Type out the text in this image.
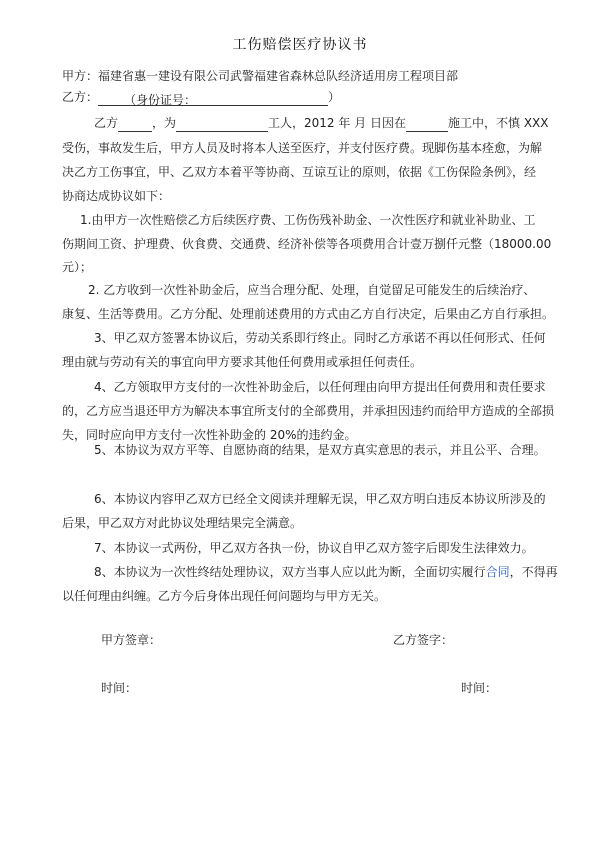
工伤赔偿医疗协议书
甲方：福建省惠一建设有限公司武警福建省森林总队经济适用房工程项目部
乙方： （身份证号：	）
乙方	，为	工人，2012 年 月 日因在	施工中，不慎 XXX
受伤，事故发生后，甲方人员及时将本人送至医疗，并支付医疗费。现脚伤基本痊愈，为解
决乙方工伤事宜，甲、乙双方本着平等协商、互谅互让的原则，依据《工伤保险条例》，经
协商达成协议如下：
1.由甲方一次性赔偿乙方后续医疗费、工伤伤残补助金、一次性医疗和就业补助业、工
伤期间工资、护理费、伙食费、交通费、经济补偿等各项费用合计壹万捌仟元整（18000.00
元）；
2. 乙方收到一次性补助金后，应当合理分配、处理，自觉留足可能发生的后续治疗、
康复、生活等费用。乙方分配、处理前述费用的方式由乙方自行决定，后果由乙方自行承担。
3、甲乙双方签署本协议后，劳动关系即行终止。同时乙方承诺不再以任何形式、任何
理由就与劳动有关的事宜向甲方要求其他任何费用或承担任何责任。
4、乙方领取甲方支付的一次性补助金后，以任何理由向甲方提出任何费用和责任要求
的，乙方应当退还甲方为解决本事宜所支付的全部费用，并承担因违约而给甲方造成的全部损
失，同时应向甲方支付一次性补助金的 20%的违约金。
5、本协议为双方平等、自愿协商的结果，是双方真实意思的表示，并且公平、合理。
6、本协议内容甲乙双方已经全文阅读并理解无误，甲乙双方明白违反本协议所涉及的
后果，甲乙双方对此协议处理结果完全满意。
7、本协议一式两份，甲乙双方各执一份，协议自甲乙双方签字后即发生法律效力。
8、本协议为一次性终结处理协议，双方当事人应以此为断，全面切实履行合同，不得再
以任何理由纠缠。乙方今后身体出现任何问题均与甲方无关。
甲方签章：	乙方签字：
时间：	时间：
